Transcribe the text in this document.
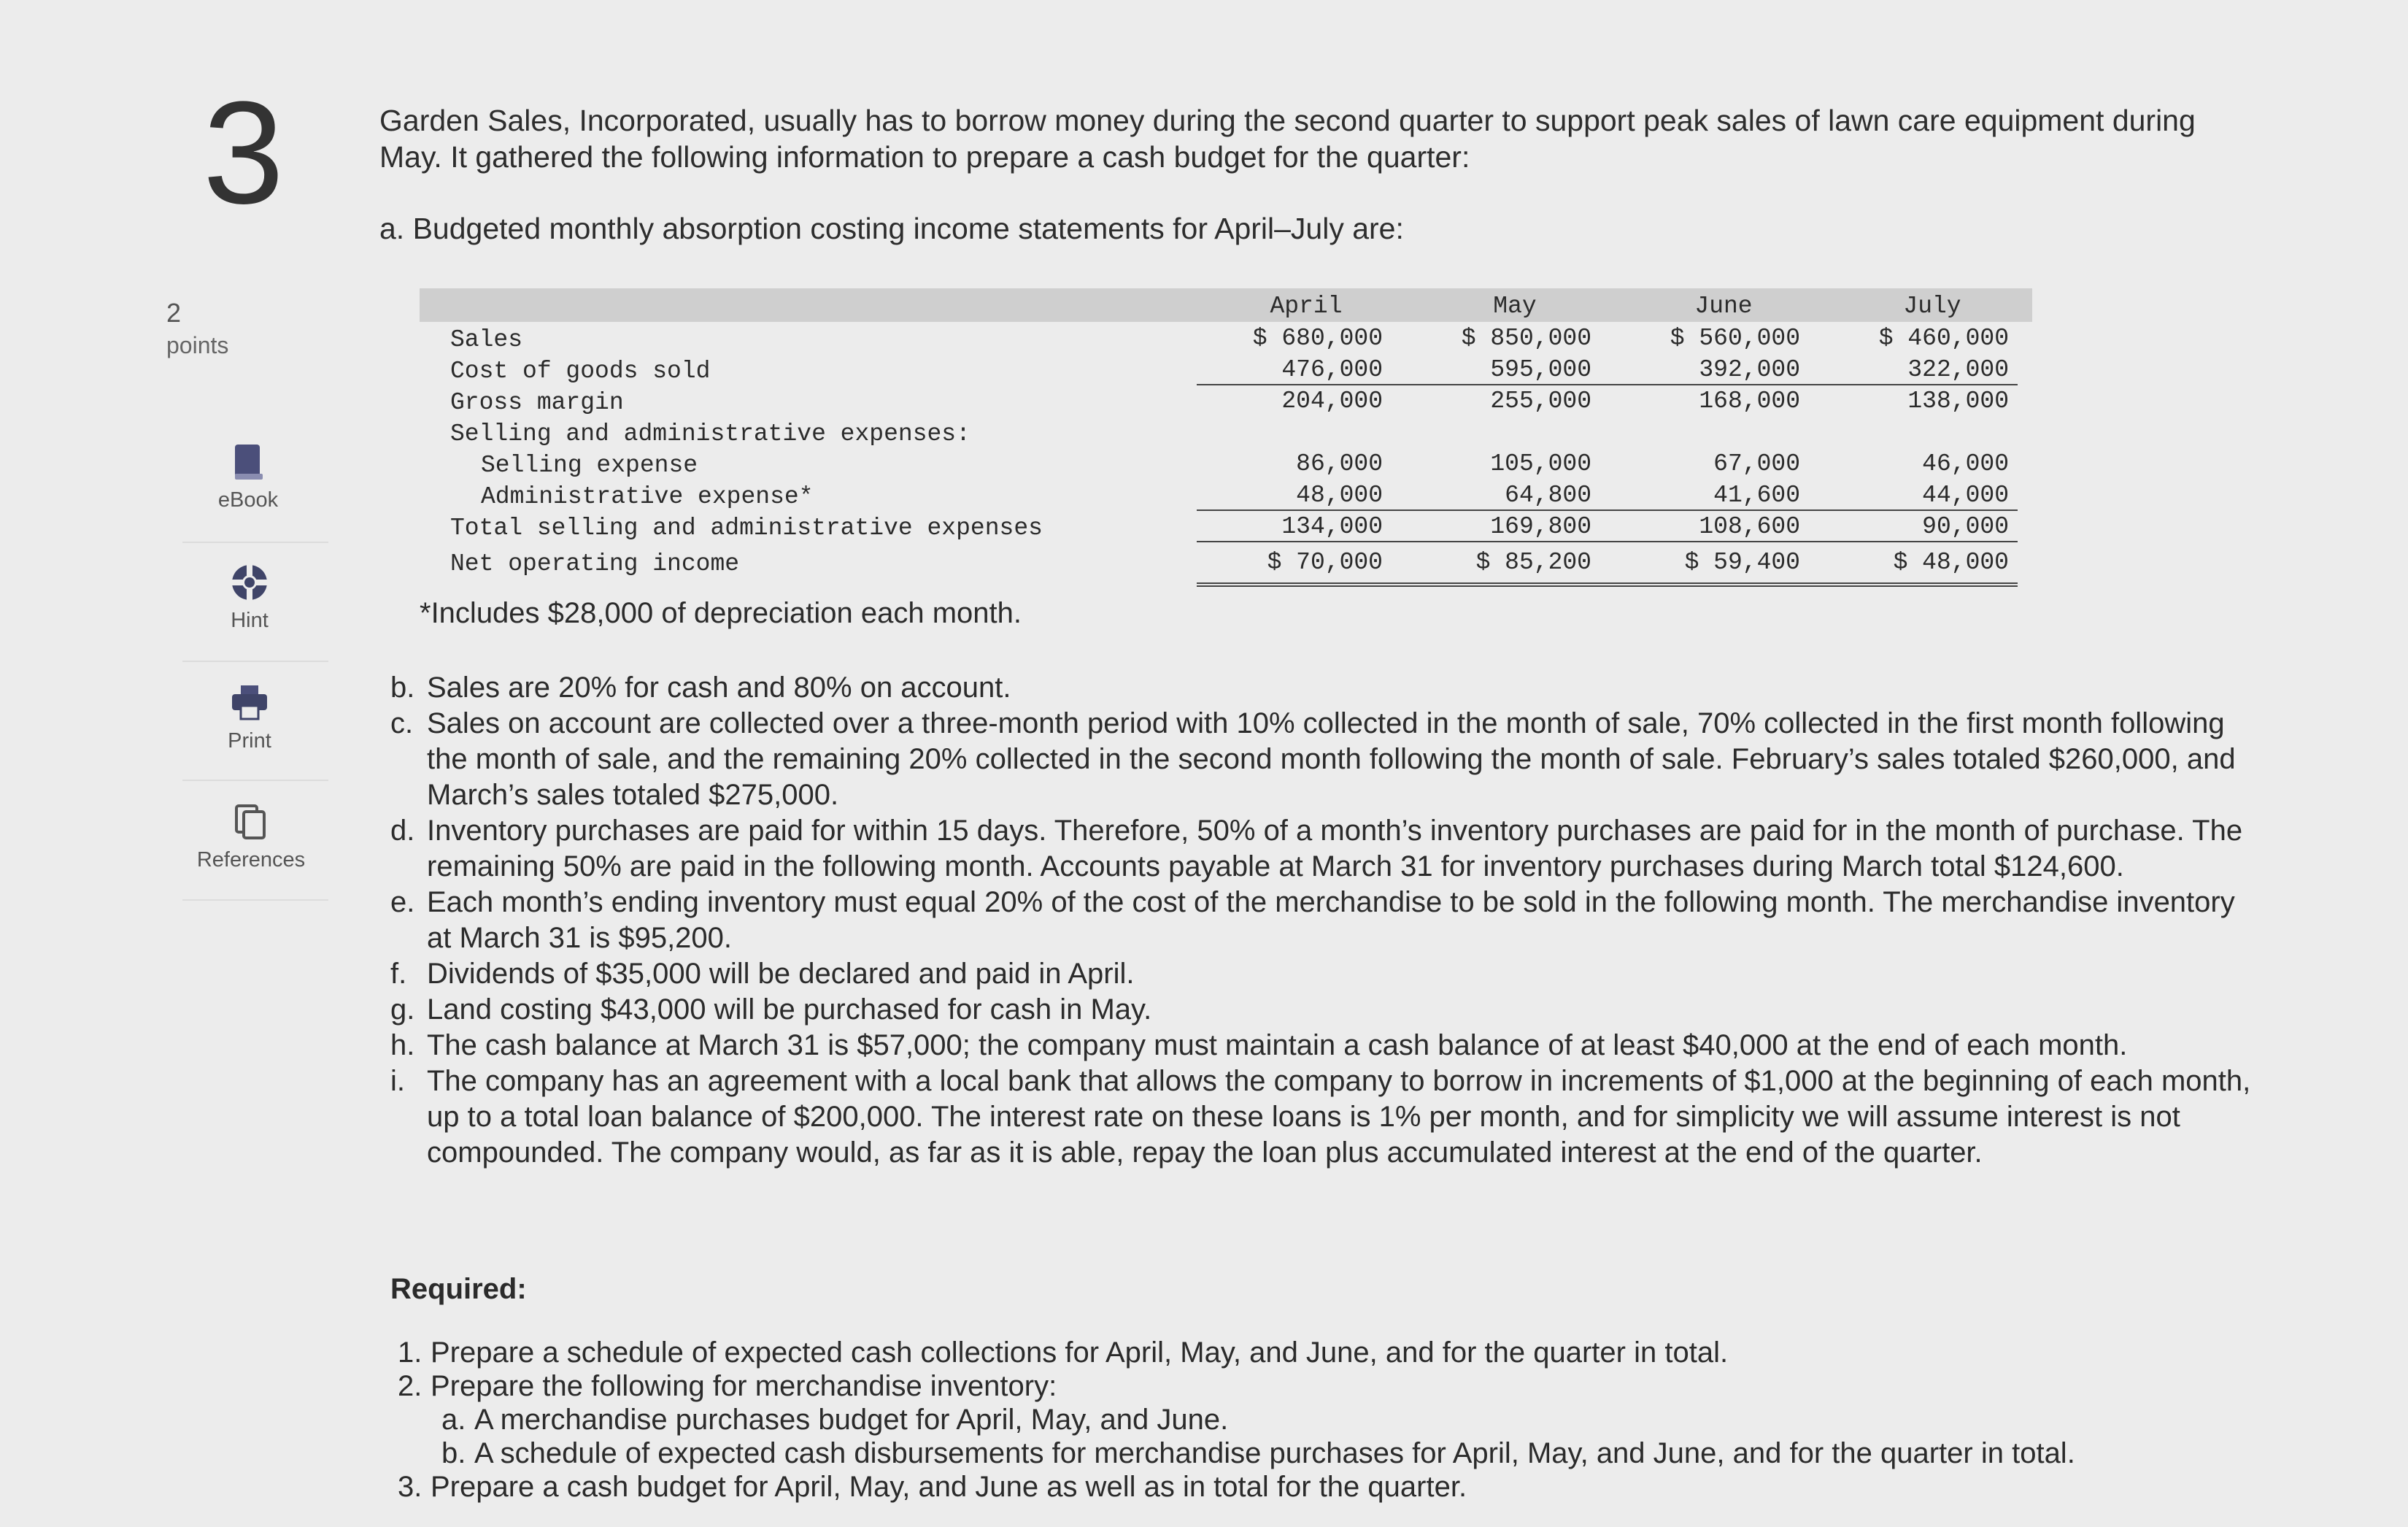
3
2
points
eBook
Hint
Print
References

Garden Sales, Incorporated, usually has to borrow money during the second quarter to support peak sales of lawn care equipment during May. It gathered the following information to prepare a cash budget for the quarter:

a. Budgeted monthly absorption costing income statements for April–July are:

April	May	June	July
Sales	$ 680,000	$ 850,000	$ 560,000	$ 460,000
Cost of goods sold	476,000	595,000	392,000	322,000
Gross margin	204,000	255,000	168,000	138,000
Selling and administrative expenses:
Selling expense	86,000	105,000	67,000	46,000
Administrative expense*	48,000	64,800	41,600	44,000
Total selling and administrative expenses	134,000	169,800	108,600	90,000
Net operating income	$ 70,000	$ 85,200	$ 59,400	$ 48,000
*Includes $28,000 of depreciation each month.

b. Sales are 20% for cash and 80% on account.

c. Sales on account are collected over a three-month period with 10% collected in the month of sale, 70% collected in the first month following the month of sale, and the remaining 20% collected in the second month following the month of sale. February’s sales totaled $260,000, and March’s sales totaled $275,000.

d. Inventory purchases are paid for within 15 days. Therefore, 50% of a month’s inventory purchases are paid for in the month of purchase. The remaining 50% are paid in the following month. Accounts payable at March 31 for inventory purchases during March total $124,600.

e. Each month’s ending inventory must equal 20% of the cost of the merchandise to be sold in the following month. The merchandise inventory at March 31 is $95,200.

f. Dividends of $35,000 will be declared and paid in April.

g. Land costing $43,000 will be purchased for cash in May.

h. The cash balance at March 31 is $57,000; the company must maintain a cash balance of at least $40,000 at the end of each month.

i. The company has an agreement with a local bank that allows the company to borrow in increments of $1,000 at the beginning of each month, up to a total loan balance of $200,000. The interest rate on these loans is 1% per month, and for simplicity we will assume interest is not compounded. The company would, as far as it is able, repay the loan plus accumulated interest at the end of the quarter.

Required:
1. Prepare a schedule of expected cash collections for April, May, and June, and for the quarter in total.
2. Prepare the following for merchandise inventory:
a. A merchandise purchases budget for April, May, and June.
b. A schedule of expected cash disbursements for merchandise purchases for April, May, and June, and for the quarter in total.
3. Prepare a cash budget for April, May, and June as well as in total for the quarter.
